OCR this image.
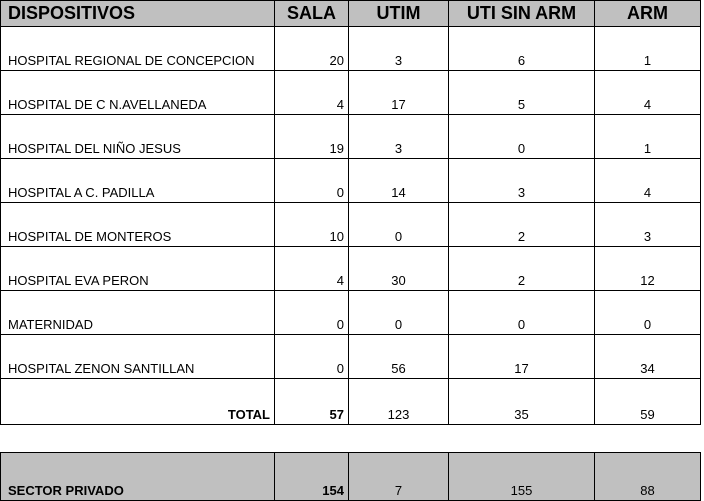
DISPOSITIVOS	SALA	UTIM	UTI SIN ARM	ARM
HOSPITAL REGIONAL DE CONCEPCION	20	3	6	1
HOSPITAL DE C N.AVELLANEDA	4	17	5	4
HOSPITAL DEL NIÑO JESUS	19	3	0	1
HOSPITAL A C. PADILLA	0	14	3	4
HOSPITAL DE MONTEROS	10	0	2	3
HOSPITAL EVA PERON	4	30	2	12
MATERNIDAD	0	0	0	0
HOSPITAL ZENON SANTILLAN	0	56	17	34
TOTAL	57	123	35	59
SECTOR PRIVADO	154	7	155	88
